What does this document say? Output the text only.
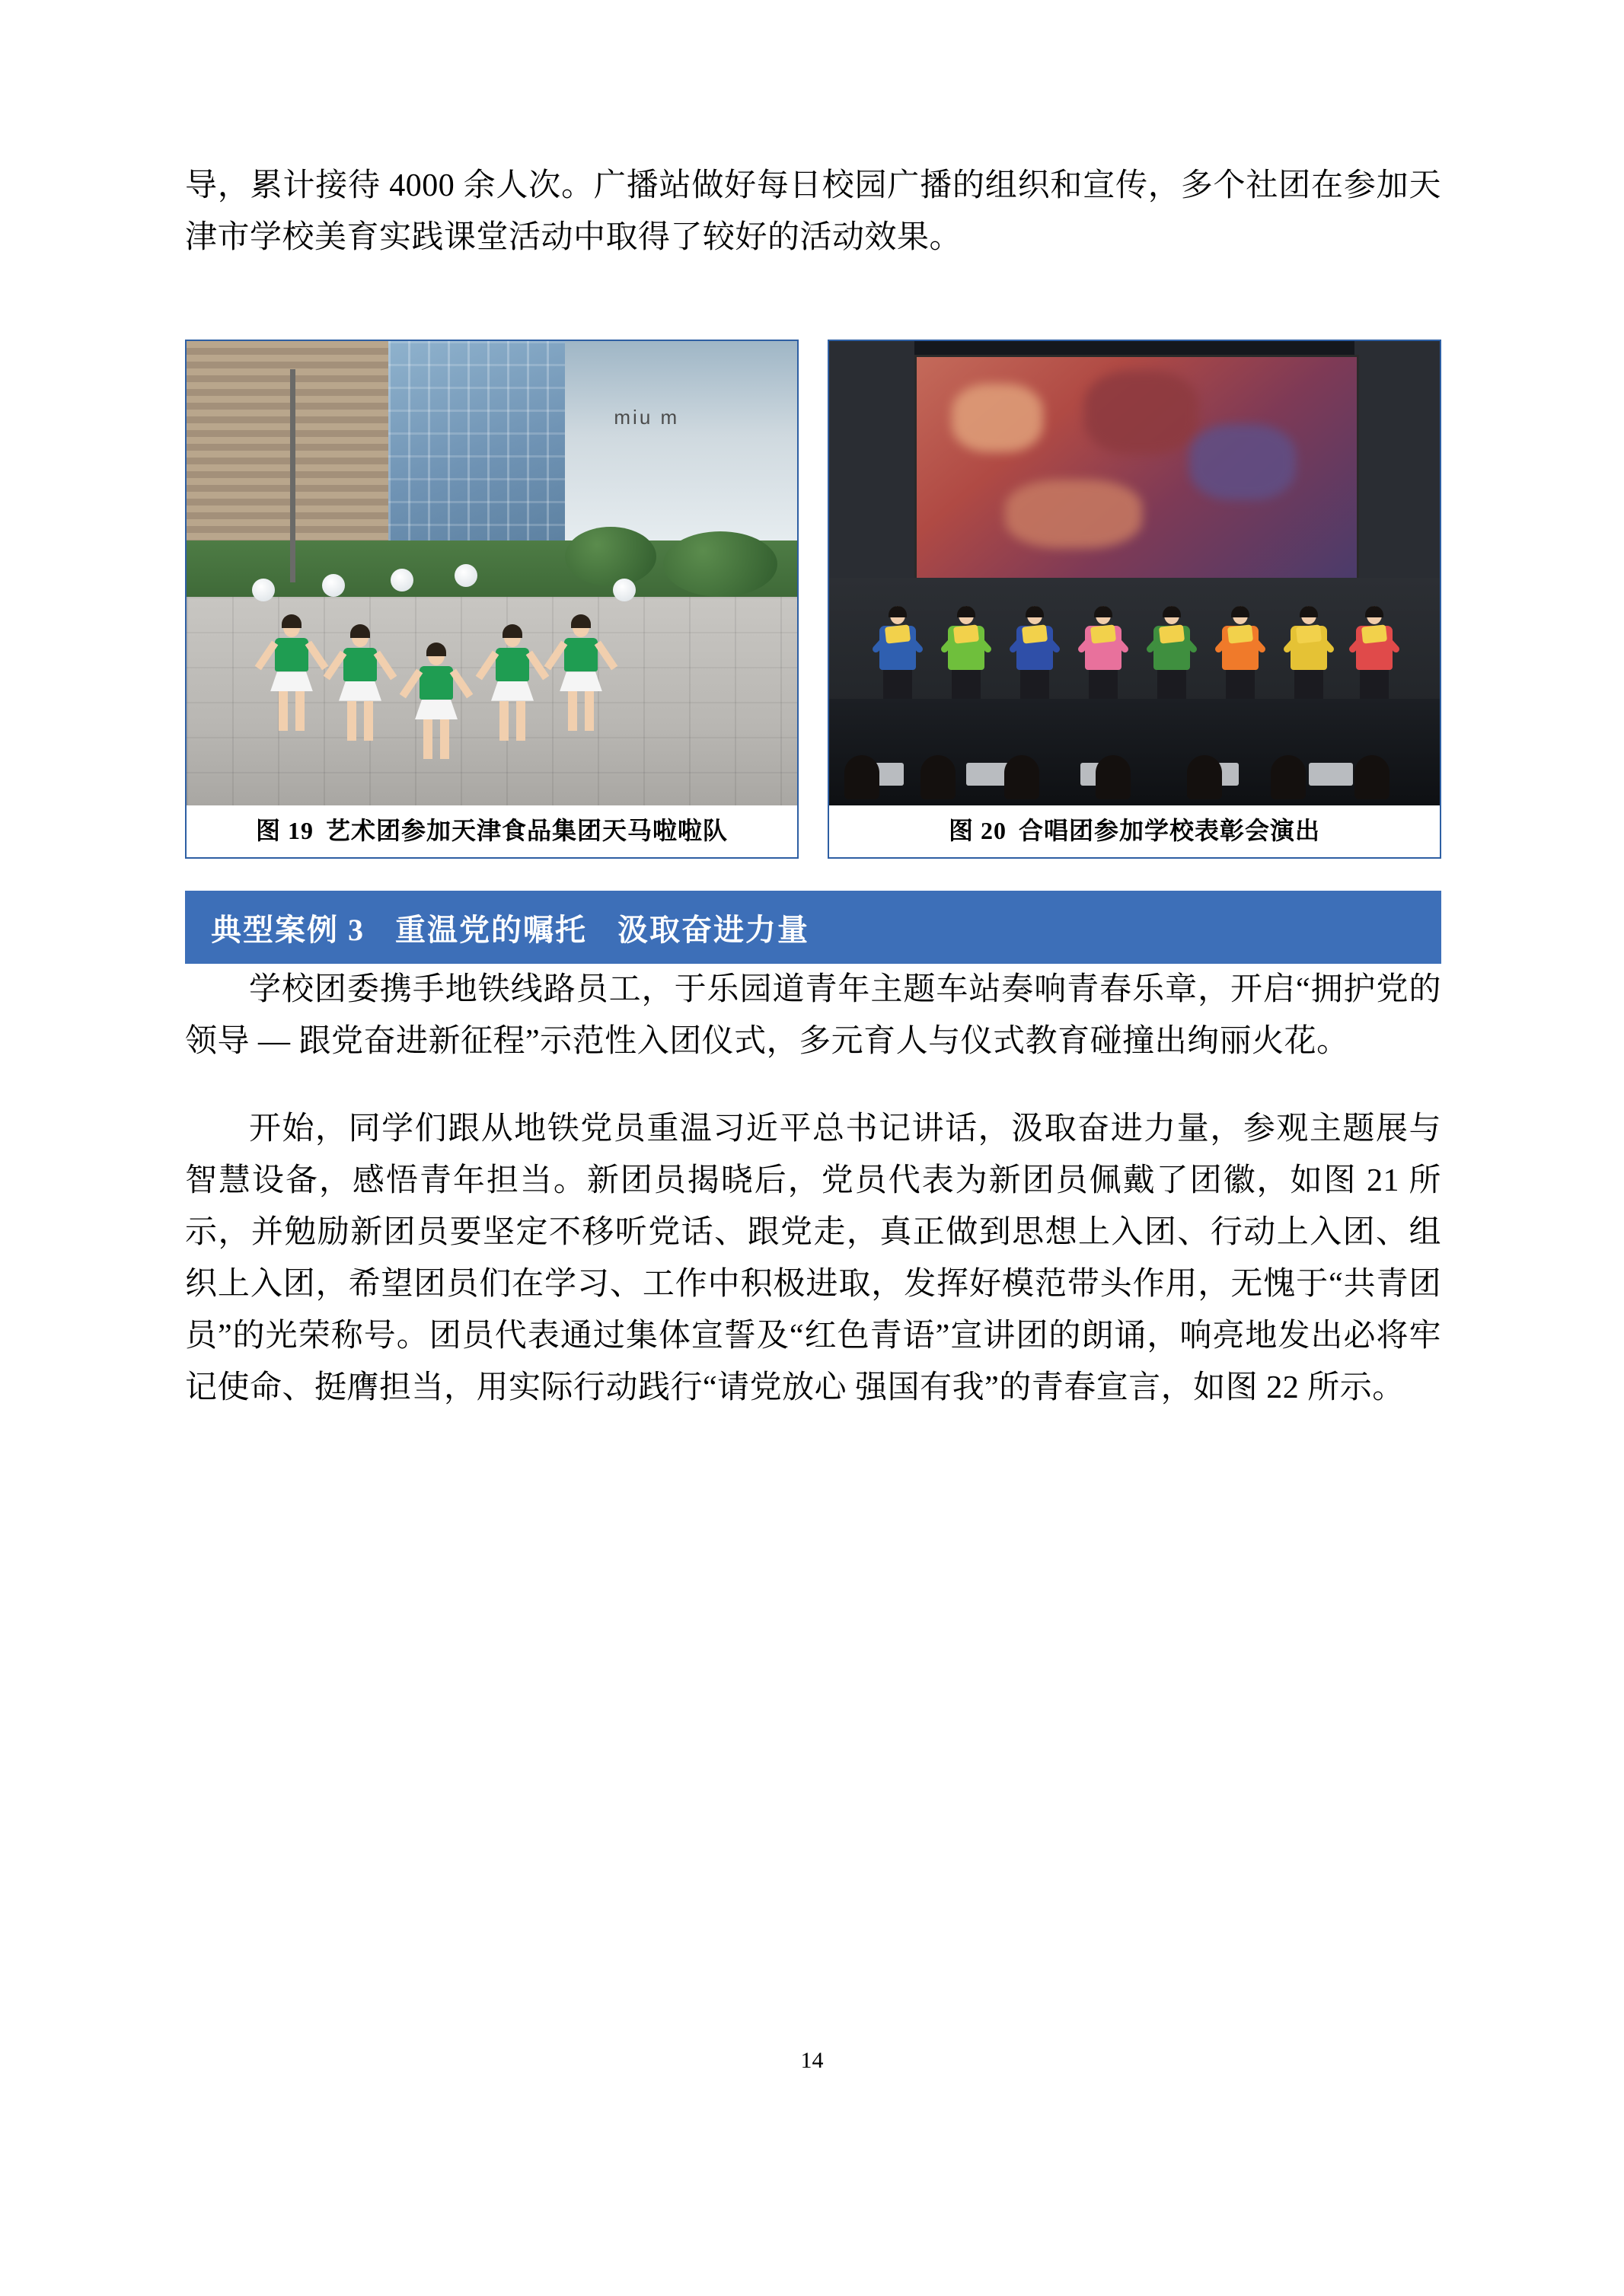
导，累计接待 4000 余人次。广播站做好每日校园广播的组织和宣传，多个社团在参加天津市学校美育实践课堂活动中取得了较好的活动效果。

miu m
图 19 艺术团参加天津食品集团天马啦啦队	图 20 合唱团参加学校表彰会演出
典型案例 3 重温党的嘱托 汲取奋进力量

学校团委携手地铁线路员工，于乐园道青年主题车站奏响青春乐章，开启“拥护党的领导 — 跟党奋进新征程”示范性入团仪式，多元育人与仪式教育碰撞出绚丽火花。

开始，同学们跟从地铁党员重温习近平总书记讲话，汲取奋进力量，参观主题展与智慧设备，感悟青年担当。新团员揭晓后，党员代表为新团员佩戴了团徽，如图 21 所示，并勉励新团员要坚定不移听党话、跟党走，真正做到思想上入团、行动上入团、组织上入团，希望团员们在学习、工作中积极进取，发挥好模范带头作用，无愧于“共青团员”的光荣称号。团员代表通过集体宣誓及“红色青语”宣讲团的朗诵，响亮地发出必将牢记使命、挺膺担当，用实际行动践行“请党放心 强国有我”的青春宣言，如图 22 所示。

14
